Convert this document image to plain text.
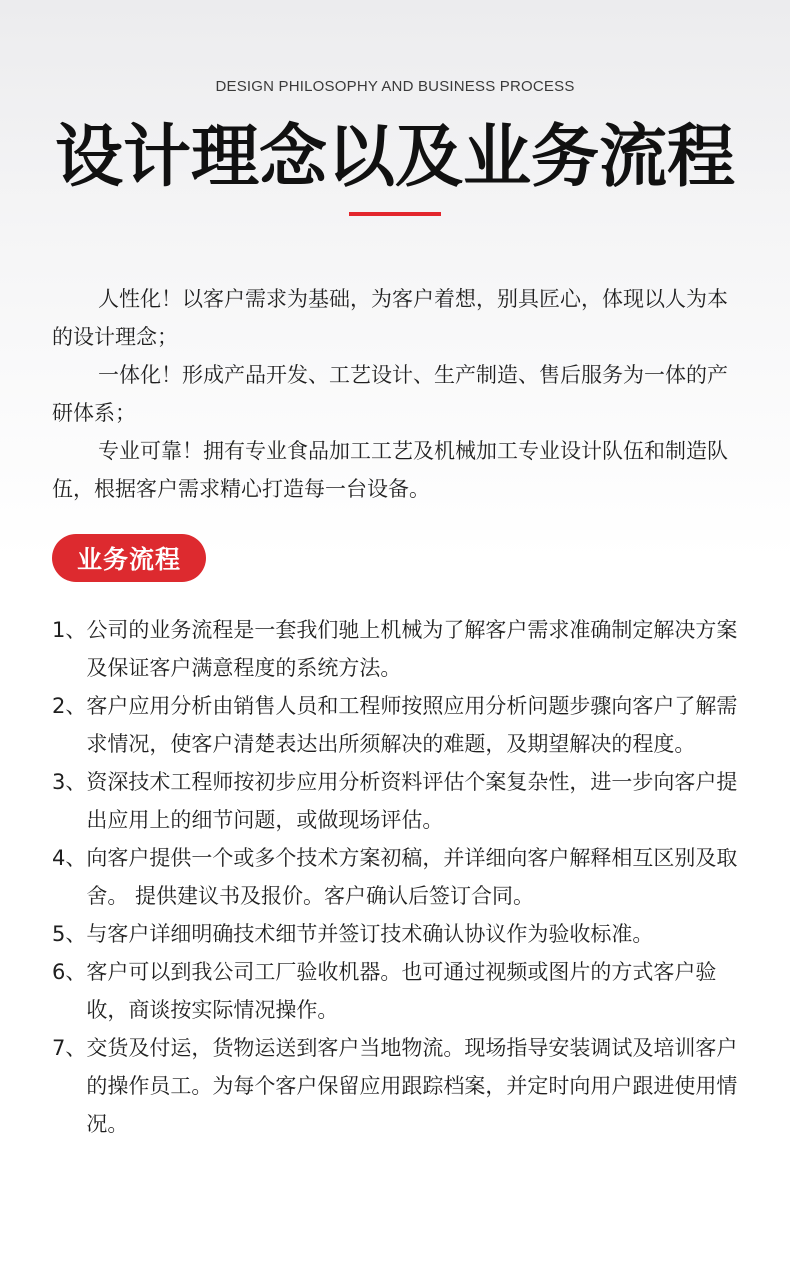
DESIGN PHILOSOPHY AND BUSINESS PROCESS
设计理念以及业务流程

人性化！以客户需求为基础，为客户着想，别具匠心，体现以人为本的设计理念；

一体化！形成产品开发、工艺设计、生产制造、售后服务为一体的产研体系；

专业可靠！拥有专业食品加工工艺及机械加工专业设计队伍和制造队伍，根据客户需求精心打造每一台设备。

业务流程
1、 公司的业务流程是一套我们驰上机械为了解客户需求准确制定解决方案及保证客户满意程度的系统方法。
2、 客户应用分析由销售人员和工程师按照应用分析问题步骤向客户了解需求情况，使客户清楚表达出所须解决的难题，及期望解决的程度。
3、 资深技术工程师按初步应用分析资料评估个案复杂性，进一步向客户提出应用上的细节问题，或做现场评估。
4、 向客户提供一个或多个技术方案初稿，并详细向客户解释相互区别及取舍。 提供建议书及报价。客户确认后签订合同。
5、 与客户详细明确技术细节并签订技术确认协议作为验收标准。
6、 客户可以到我公司工厂验收机器。也可通过视频或图片的方式客户验收，商谈按实际情况操作。
7、 交货及付运，货物运送到客户当地物流。现场指导安装调试及培训客户的操作员工。为每个客户保留应用跟踪档案，并定时向用户跟进使用情况。
